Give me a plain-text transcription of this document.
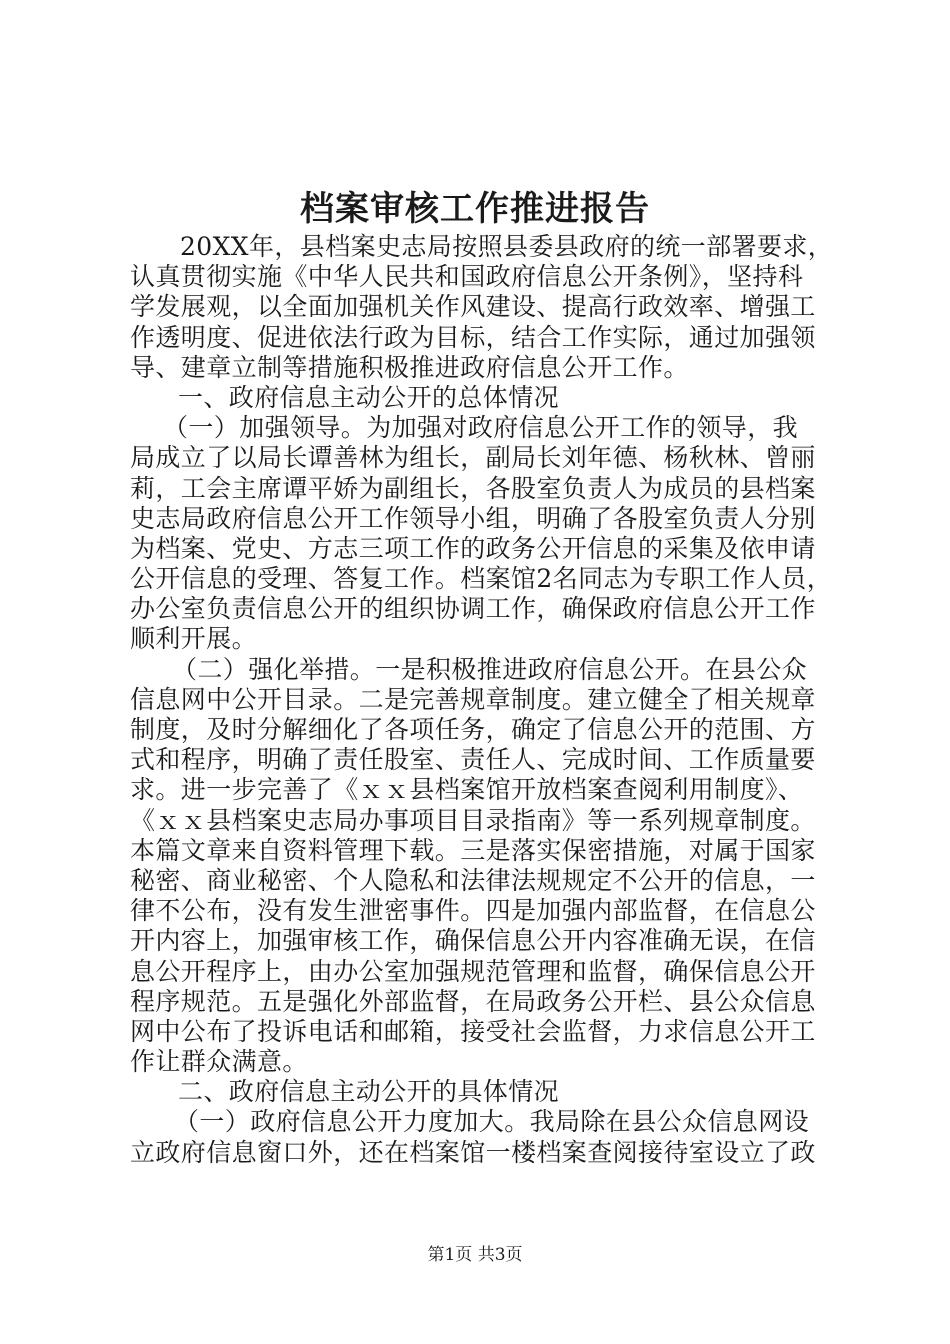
档案审核工作推进报告
20XX年，县档案史志局按照县委县政府的统一部署要求，
认真贯彻实施《中华人民共和国政府信息公开条例》，坚持科
学发展观，以全面加强机关作风建设、提高行政效率、增强工
作透明度、促进依法行政为目标，结合工作实际，通过加强领
导、建章立制等措施积极推进政府信息公开工作。
一、政府信息主动公开的总体情况
（一）加强领导。为加强对政府信息公开工作的领导，我
局成立了以局长谭善林为组长，副局长刘年德、杨秋林、曾丽
莉，工会主席谭平娇为副组长，各股室负责人为成员的县档案
史志局政府信息公开工作领导小组，明确了各股室负责人分别
为档案、党史、方志三项工作的政务公开信息的采集及依申请
公开信息的受理、答复工作。档案馆2名同志为专职工作人员，
办公室负责信息公开的组织协调工作，确保政府信息公开工作
顺利开展。
（二）强化举措。一是积极推进政府信息公开。在县公众
信息网中公开目录。二是完善规章制度。建立健全了相关规章
制度，及时分解细化了各项任务，确定了信息公开的范围、方
式和程序，明确了责任股室、责任人、完成时间、工作质量要
求。进一步完善了《ｘｘ县档案馆开放档案查阅利用制度》、
《ｘｘ县档案史志局办事项目目录指南》等一系列规章制度。
本篇文章来自资料管理下载。三是落实保密措施，对属于国家
秘密、商业秘密、个人隐私和法律法规规定不公开的信息，一
律不公布，没有发生泄密事件。四是加强内部监督，在信息公
开内容上，加强审核工作，确保信息公开内容准确无误，在信
息公开程序上，由办公室加强规范管理和监督，确保信息公开
程序规范。五是强化外部监督，在局政务公开栏、县公众信息
网中公布了投诉电话和邮箱，接受社会监督，力求信息公开工
作让群众满意。
二、政府信息主动公开的具体情况
（一）政府信息公开力度加大。我局除在县公众信息网设
立政府信息窗口外，还在档案馆一楼档案查阅接待室设立了政
第1页 共3页
